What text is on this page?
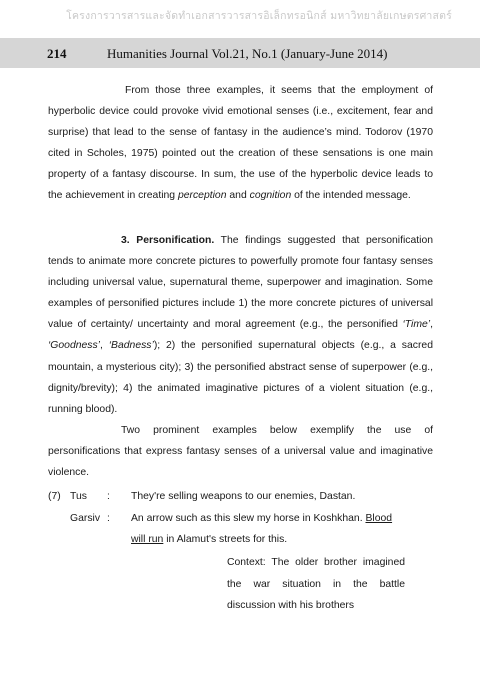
โครงการวารสารและจัดทำเอกสารวารสารอิเล็กทรอนิกส์ มหาวิทยาลัยเกษตรศาสตร์
214	Humanities Journal Vol.21, No.1 (January-June 2014)

From those three examples, it seems that the employment of hyperbolic device could provoke vivid emotional senses (i.e., excitement, fear and surprise) that lead to the sense of fantasy in the audience’s mind. Todorov (1970 cited in Scholes, 1975) pointed out the creation of these sensations is one main property of a fantasy discourse. In sum, the use of the hyperbolic device leads to the achievement in creating perception and cognition of the intended message.

3. Personification. The findings suggested that personification tends to animate more concrete pictures to powerfully promote four fantasy senses including universal value, supernatural theme, superpower and imagination. Some examples of personified pictures include 1) the more concrete pictures of universal value of certainty/ uncertainty and moral agreement (e.g., the personified ‘Time’, ‘Goodness’, ‘Badness’); 2) the personified supernatural objects (e.g., a sacred mountain, a mysterious city); 3) the personified abstract sense of superpower (e.g., dignity/brevity); 4) the animated imaginative pictures of a violent situation (e.g., running blood).

Two prominent examples below exemplify the use of personifications that express fantasy senses of a universal value and imaginative violence.

(7) Tus : They're selling weapons to our enemies, Dastan.
Garsiv : An arrow such as this slew my horse in Koshkhan. Blood
will run in Alamut's streets for this.

Context: The older brother imagined the war situation in the battle discussion with his brothers
